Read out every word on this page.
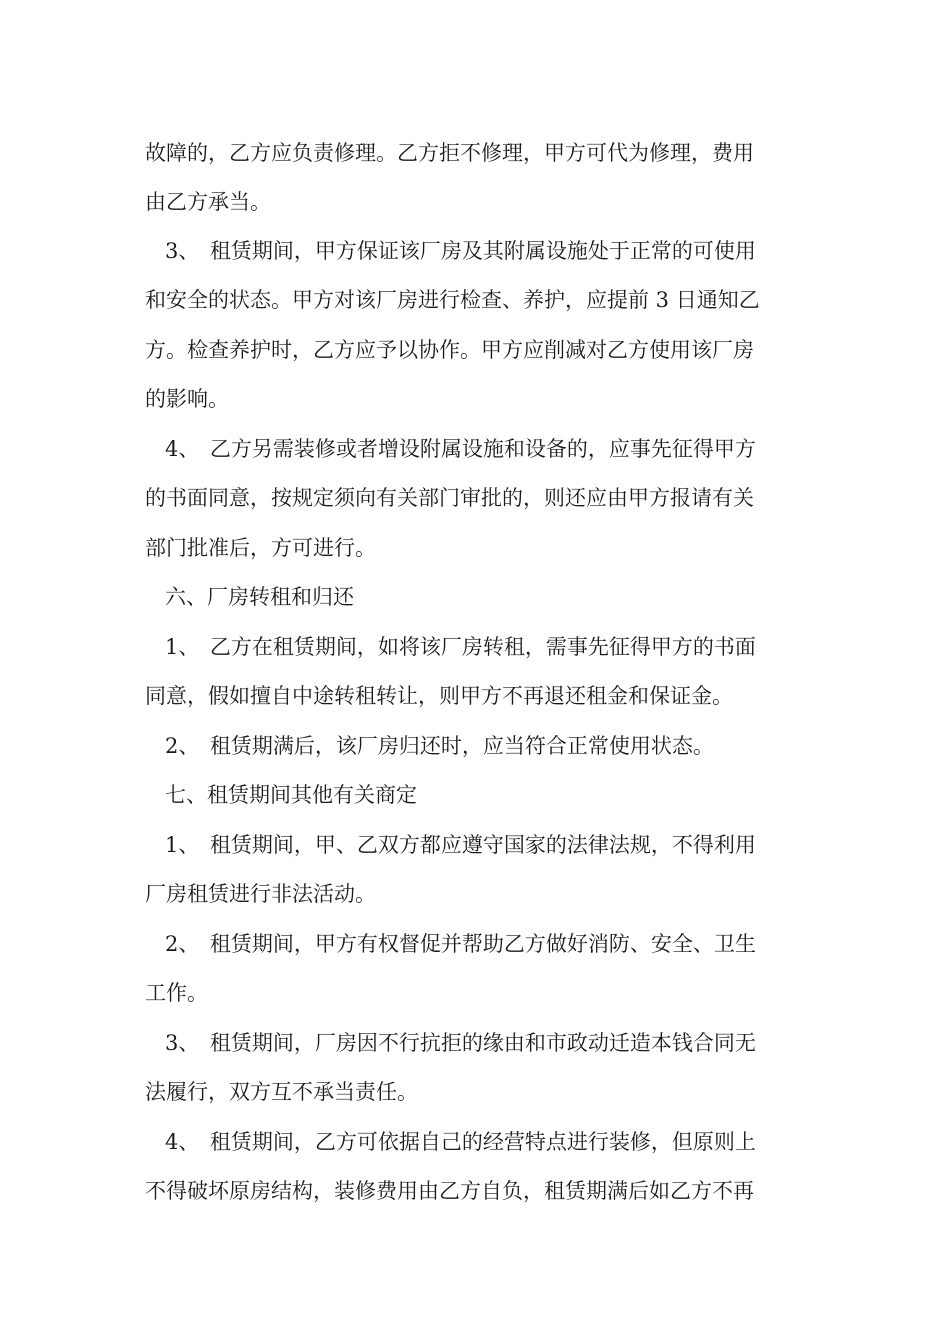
故障的，乙方应负责修理。乙方拒不修理，甲方可代为修理，费用
由乙方承当。
3、　租赁期间，甲方保证该厂房及其附属设施处于正常的可使用
和安全的状态。甲方对该厂房进行检查、养护，应提前 3 日通知乙
方。检查养护时，乙方应予以协作。甲方应削减对乙方使用该厂房
的影响。
4、　乙方另需装修或者增设附属设施和设备的，应事先征得甲方
的书面同意，按规定须向有关部门审批的，则还应由甲方报请有关
部门批准后，方可进行。
六、厂房转租和归还
1、　乙方在租赁期间，如将该厂房转租，需事先征得甲方的书面
同意，假如擅自中途转租转让，则甲方不再退还租金和保证金。
2、　租赁期满后，该厂房归还时，应当符合正常使用状态。
七、租赁期间其他有关商定
1、　租赁期间，甲、乙双方都应遵守国家的法律法规，不得利用
厂房租赁进行非法活动。
2、　租赁期间，甲方有权督促并帮助乙方做好消防、安全、卫生
工作。
3、　租赁期间，厂房因不行抗拒的缘由和市政动迁造本钱合同无
法履行，双方互不承当责任。
4、　租赁期间，乙方可依据自己的经营特点进行装修，但原则上
不得破坏原房结构，装修费用由乙方自负，租赁期满后如乙方不再
